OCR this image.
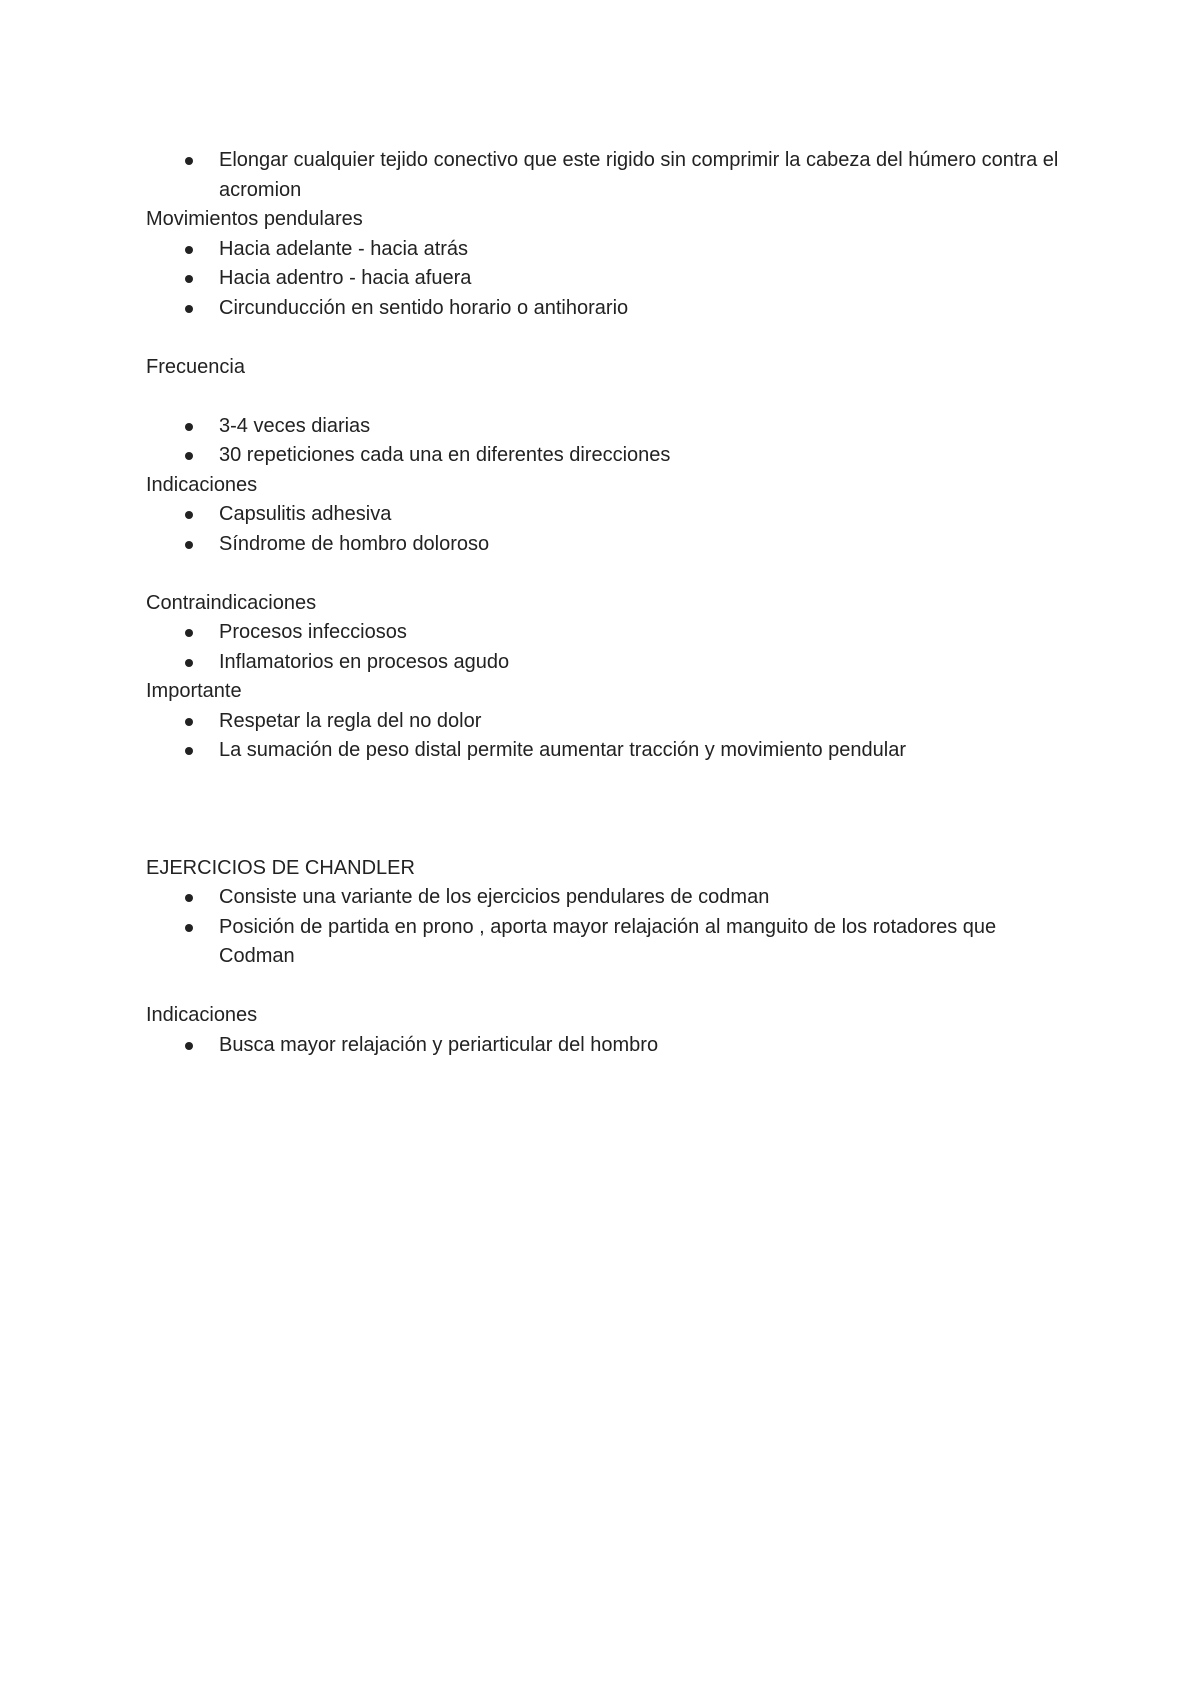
Elongar cualquier tejido conectivo que este rigido sin comprimir la cabeza del húmero contra el acromion

Movimientos pendulares

Hacia adelante - hacia atrás
Hacia adentro - hacia afuera
Circunducción en sentido horario o antihorario

Frecuencia

3-4 veces diarias
30 repeticiones cada una en diferentes direcciones

Indicaciones

Capsulitis adhesiva
Síndrome de hombro doloroso

Contraindicaciones

Procesos infecciosos
Inflamatorios en procesos agudo

Importante

Respetar la regla del no dolor
La sumación de peso distal permite aumentar tracción y movimiento pendular

EJERCICIOS DE CHANDLER

Consiste una variante de los ejercicios pendulares de codman
Posición de partida en prono , aporta mayor relajación al manguito de los rotadores que Codman

Indicaciones

Busca mayor relajación y periarticular del hombro
